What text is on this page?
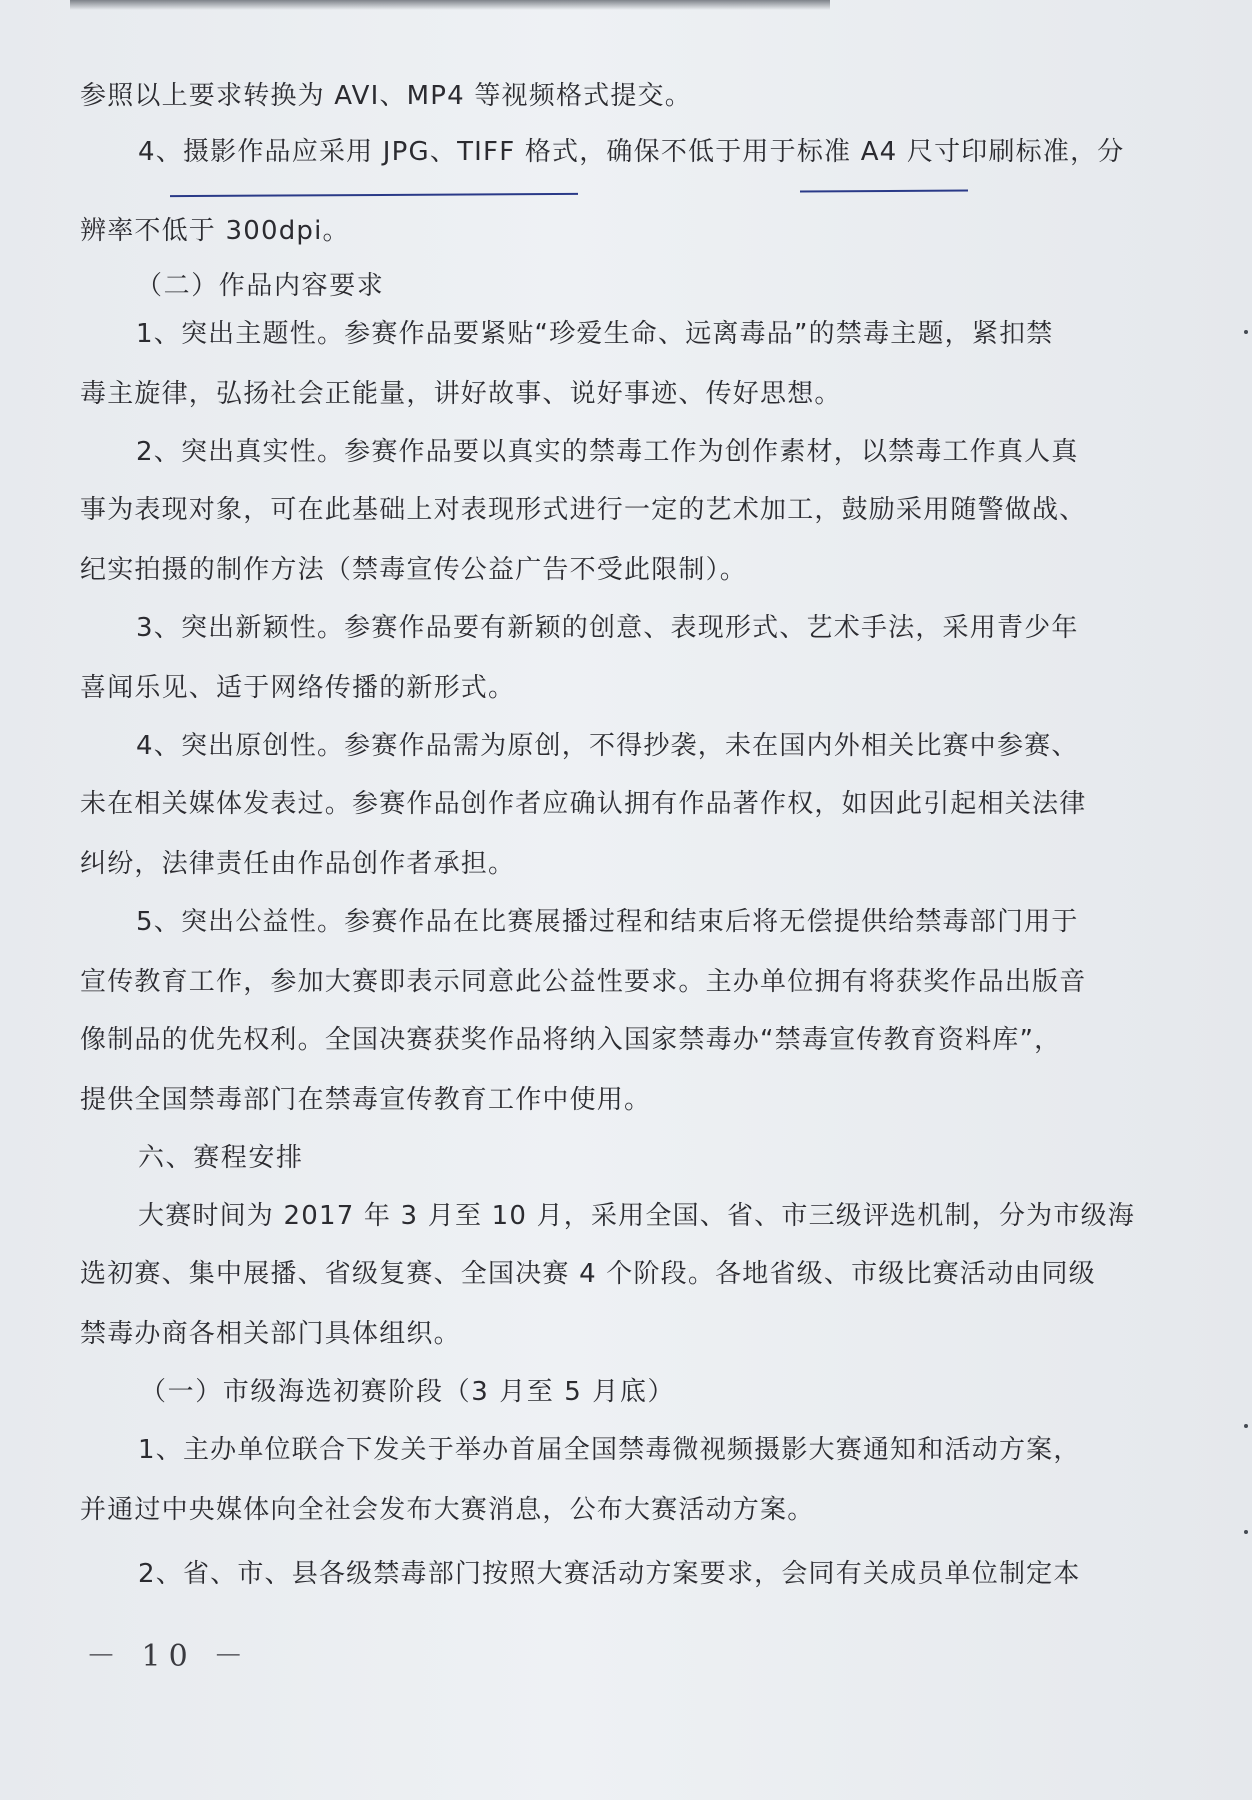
参照以上要求转换为 AVI、MP4 等视频格式提交。
4、摄影作品应采用 JPG、TIFF 格式，确保不低于用于标准 A4 尺寸印刷标准，分
辨率不低于 300dpi。
（二）作品内容要求
1、突出主题性。参赛作品要紧贴“珍爱生命、远离毒品”的禁毒主题，紧扣禁
毒主旋律，弘扬社会正能量，讲好故事、说好事迹、传好思想。
2、突出真实性。参赛作品要以真实的禁毒工作为创作素材，以禁毒工作真人真
事为表现对象，可在此基础上对表现形式进行一定的艺术加工，鼓励采用随警做战、
纪实拍摄的制作方法（禁毒宣传公益广告不受此限制）。
3、突出新颖性。参赛作品要有新颖的创意、表现形式、艺术手法，采用青少年
喜闻乐见、适于网络传播的新形式。
4、突出原创性。参赛作品需为原创，不得抄袭，未在国内外相关比赛中参赛、
未在相关媒体发表过。参赛作品创作者应确认拥有作品著作权，如因此引起相关法律
纠纷，法律责任由作品创作者承担。
5、突出公益性。参赛作品在比赛展播过程和结束后将无偿提供给禁毒部门用于
宣传教育工作，参加大赛即表示同意此公益性要求。主办单位拥有将获奖作品出版音
像制品的优先权利。全国决赛获奖作品将纳入国家禁毒办“禁毒宣传教育资料库”，
提供全国禁毒部门在禁毒宣传教育工作中使用。
六、赛程安排
大赛时间为 2017 年 3 月至 10 月，采用全国、省、市三级评选机制，分为市级海
选初赛、集中展播、省级复赛、全国决赛 4 个阶段。各地省级、市级比赛活动由同级
禁毒办商各相关部门具体组织。
（一）市级海选初赛阶段（3 月至 5 月底）
1、主办单位联合下发关于举办首届全国禁毒微视频摄影大赛通知和活动方案，
并通过中央媒体向全社会发布大赛消息，公布大赛活动方案。
2、省、市、县各级禁毒部门按照大赛活动方案要求，会同有关成员单位制定本
－ 10 －
